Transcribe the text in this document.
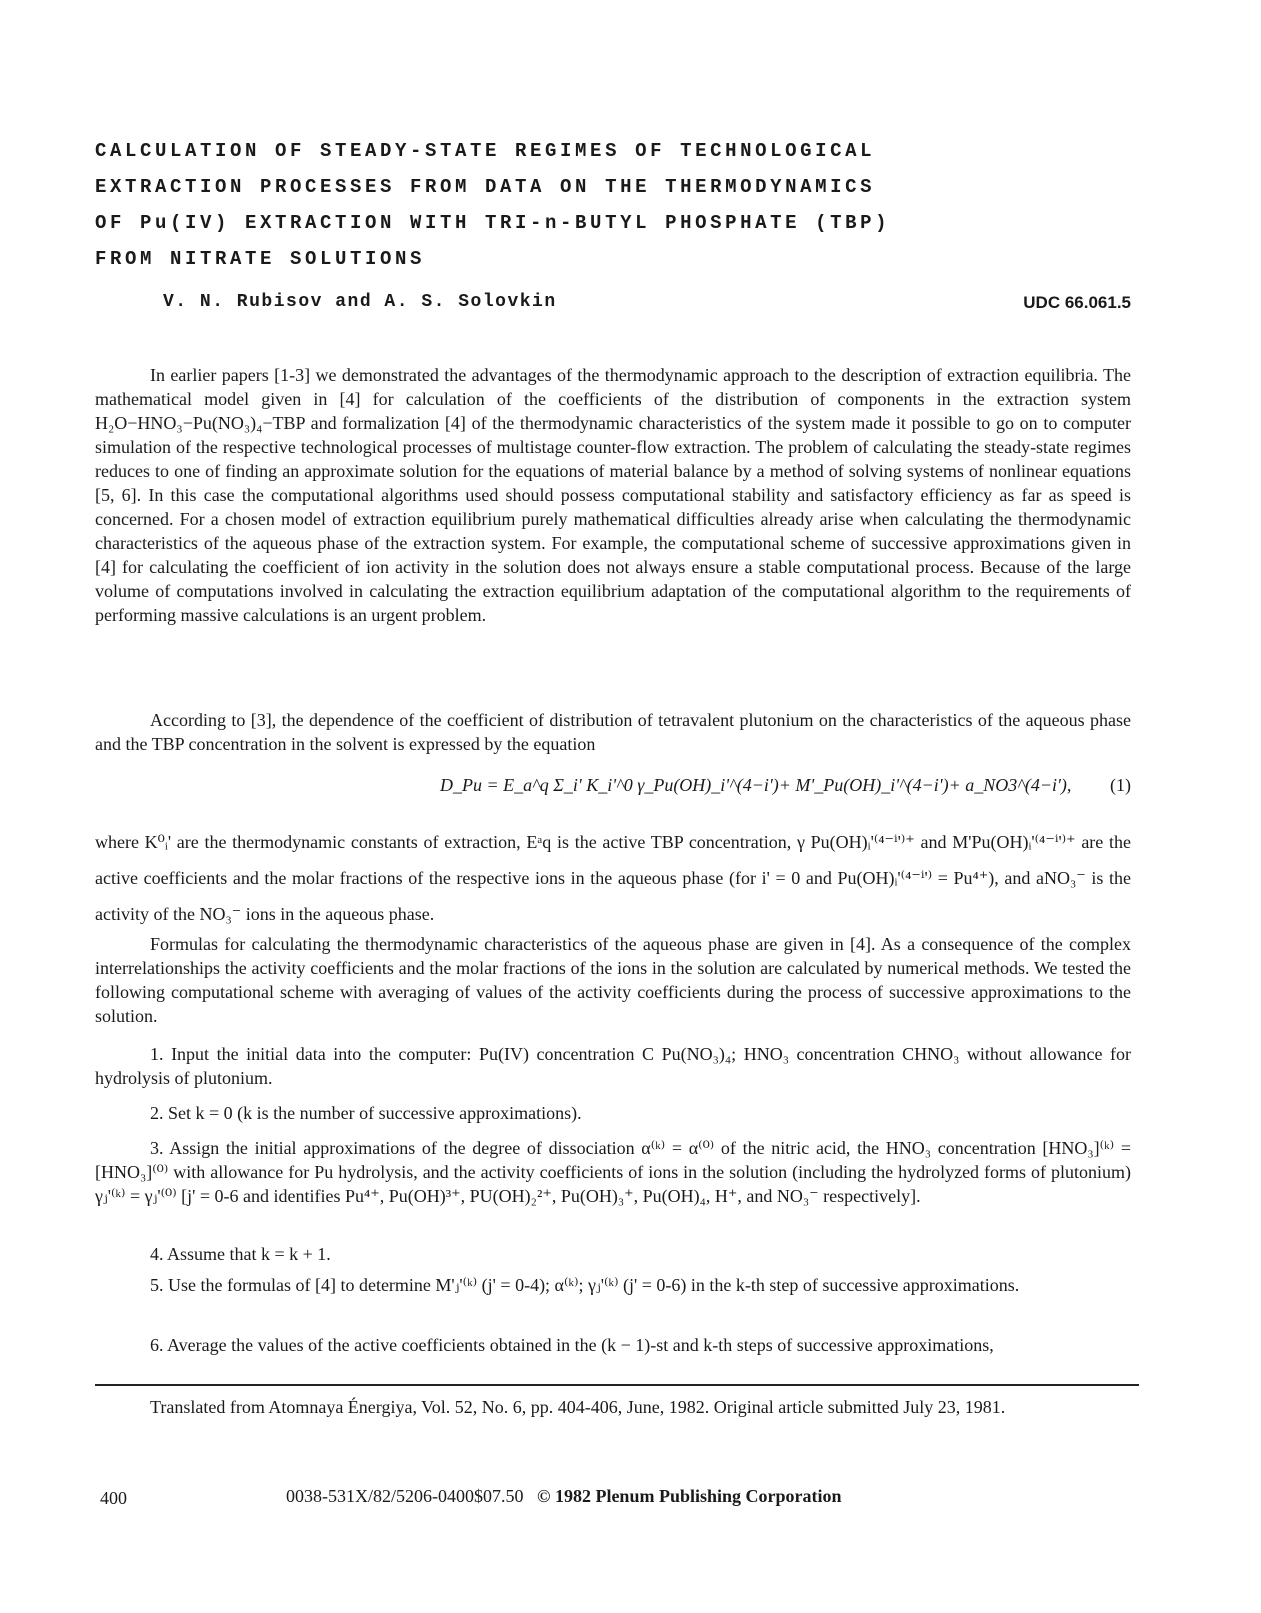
CALCULATION OF STEADY-STATE REGIMES OF TECHNOLOGICAL
EXTRACTION PROCESSES FROM DATA ON THE THERMODYNAMICS
OF Pu(IV) EXTRACTION WITH TRI-n-BUTYL PHOSPHATE (TBP)
FROM NITRATE SOLUTIONS
V. N. Rubisov and A. S. Solovkin	UDC 66.061.5
In earlier papers [1-3] we demonstrated the advantages of the thermodynamic approach to the description of extraction equilibria. The mathematical model given in [4] for calculation of the coefficients of the distribution of components in the extraction system H₂O−HNO₃−Pu(NO₃)₄−TBP and formalization [4] of the thermodynamic characteristics of the system made it possible to go on to computer simulation of the respective technological processes of multistage counter-flow extraction. The problem of calculating the steady-state regimes reduces to one of finding an approximate solution for the equations of material balance by a method of solving systems of nonlinear equations [5, 6]. In this case the computational algorithms used should possess computational stability and satisfactory efficiency as far as speed is concerned. For a chosen model of extraction equilibrium purely mathematical difficulties already arise when calculating the thermodynamic characteristics of the aqueous phase of the extraction system. For example, the computational scheme of successive approximations given in [4] for calculating the coefficient of ion activity in the solution does not always ensure a stable computational process. Because of the large volume of computations involved in calculating the extraction equilibrium adaptation of the computational algorithm to the requirements of performing massive calculations is an urgent problem.
According to [3], the dependence of the coefficient of distribution of tetravalent plutonium on the characteristics of the aqueous phase and the TBP concentration in the solvent is expressed by the equation
D_Pu = E_a^q Σ_i' K_i'^0 γ_Pu(OH)_i'^(4−i')+ M'_Pu(OH)_i'^(4−i')+ a_NO3^(4−i'), (1)
where K⁰ᵢ' are the thermodynamic constants of extraction, Eᵃq is the active TBP concentration, γ Pu(OH)ᵢ'⁽⁴⁻ⁱ'⁾⁺ and M'Pu(OH)ᵢ'⁽⁴⁻ⁱ'⁾⁺ are the active coefficients and the molar fractions of the respective ions in the aqueous phase (for i' = 0 and Pu(OH)ᵢ'⁽⁴⁻ⁱ'⁾ = Pu⁴⁺), and aNO₃⁻ is the activity of the NO₃⁻ ions in the aqueous phase.
Formulas for calculating the thermodynamic characteristics of the aqueous phase are given in [4]. As a consequence of the complex interrelationships the activity coefficients and the molar fractions of the ions in the solution are calculated by numerical methods. We tested the following computational scheme with averaging of values of the activity coefficients during the process of successive approximations to the solution.
1. Input the initial data into the computer: Pu(IV) concentration C Pu(NO₃)₄; HNO₃ concentration CHNO₃ without allowance for hydrolysis of plutonium.
2. Set k = 0 (k is the number of successive approximations).
3. Assign the initial approximations of the degree of dissociation α⁽ᵏ⁾ = α⁽⁰⁾ of the nitric acid, the HNO₃ concentration [HNO₃]⁽ᵏ⁾ = [HNO₃]⁽⁰⁾ with allowance for Pu hydrolysis, and the activity coefficients of ions in the solution (including the hydrolyzed forms of plutonium) γⱼ'⁽ᵏ⁾ = γⱼ'⁽⁰⁾ [j' = 0-6 and identifies Pu⁴⁺, Pu(OH)³⁺, PU(OH)₂²⁺, Pu(OH)₃⁺, Pu(OH)₄, H⁺, and NO₃⁻ respectively].
4. Assume that k = k + 1.
5. Use the formulas of [4] to determine M'ⱼ'⁽ᵏ⁾ (j' = 0-4); α⁽ᵏ⁾; γⱼ'⁽ᵏ⁾ (j' = 0-6) in the k-th step of successive approximations.
6. Average the values of the active coefficients obtained in the (k − 1)-st and k-th steps of successive approximations,
Translated from Atomnaya Énergiya, Vol. 52, No. 6, pp. 404-406, June, 1982. Original article submitted July 23, 1981.
400	0038-531X/82/5206-0400$07.50 © 1982 Plenum Publishing Corporation
